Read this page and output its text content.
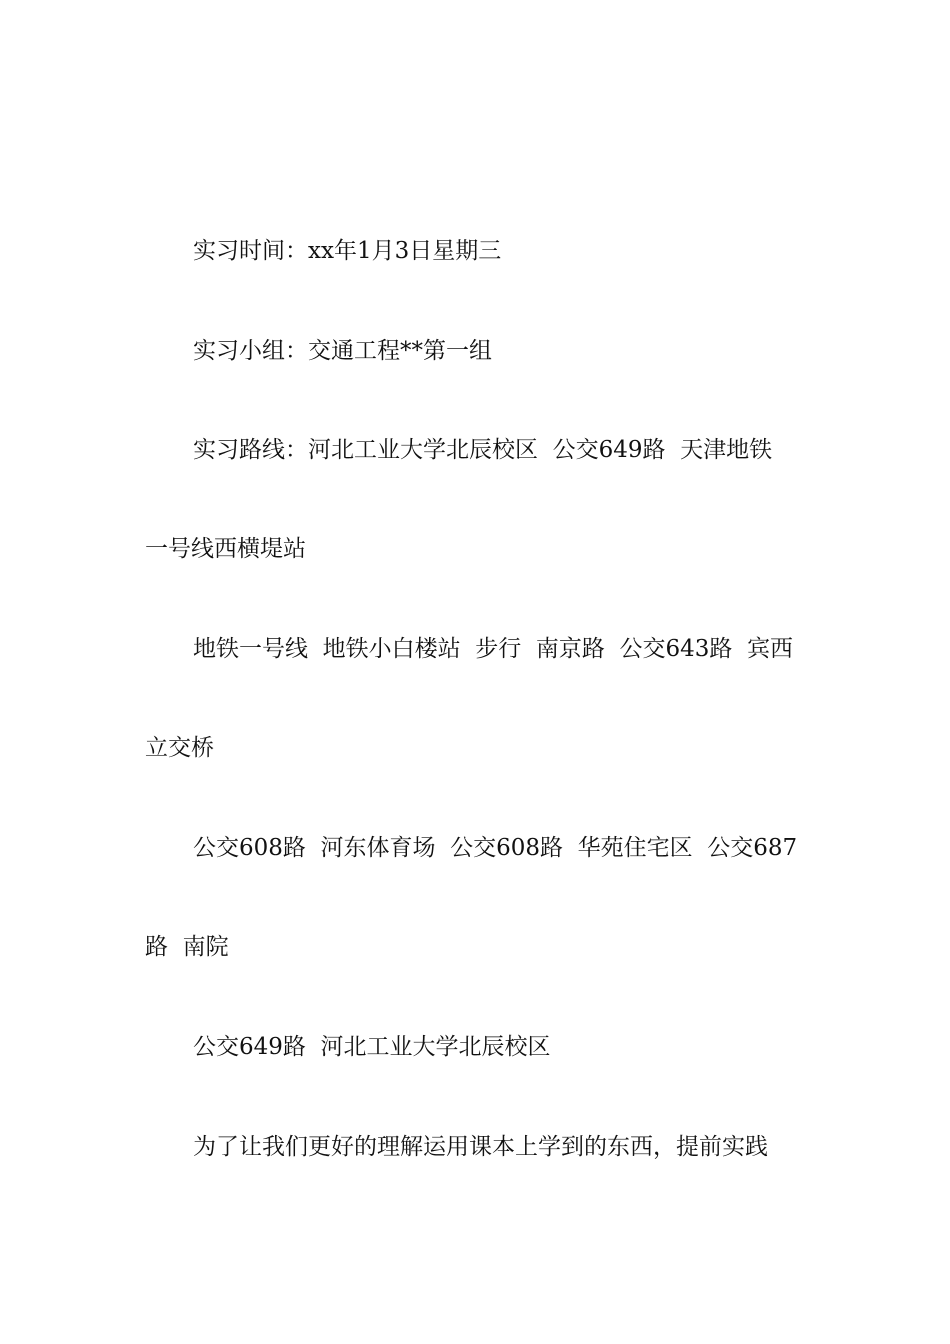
实习时间：xx年1月3日星期三
实习小组：交通工程**第一组
实习路线：河北工业大学北辰校区  公交649路  天津地铁
一号线西横堤站
地铁一号线  地铁小白楼站  步行  南京路  公交643路  宾西
立交桥
公交608路  河东体育场  公交608路  华苑住宅区  公交687
路  南院
公交649路  河北工业大学北辰校区
为了让我们更好的理解运用课本上学到的东西，提前实践
